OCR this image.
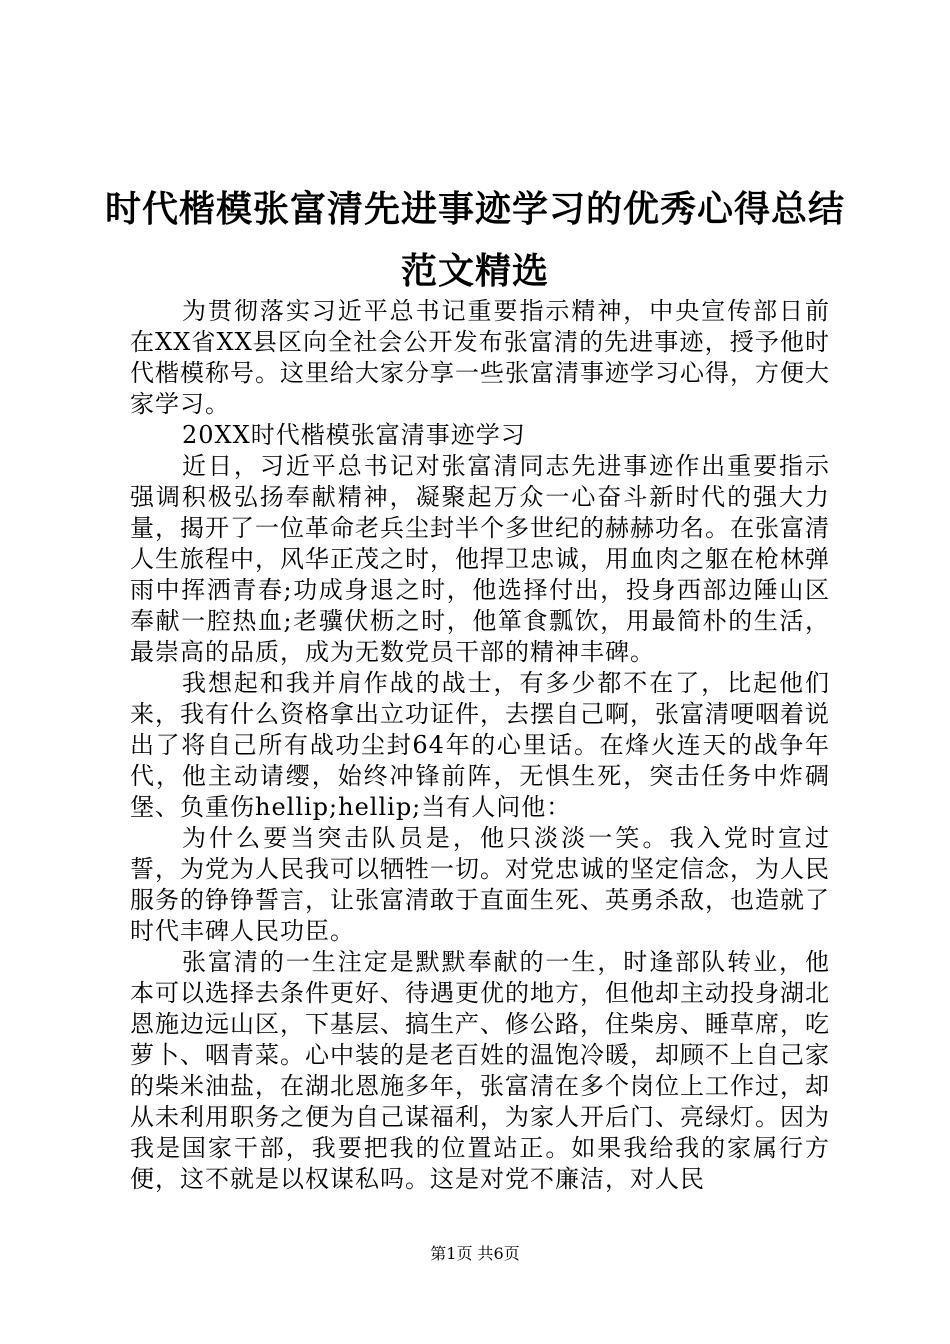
时代楷模张富清先进事迹学习的优秀心得总结
范文精选

为贯彻落实习近平总书记重要指示精神，中央宣传部日前在XX省XX县区向全社会公开发布张富清的先进事迹，授予他时代楷模称号。这里给大家分享一些张富清事迹学习心得，方便大家学习。

20XX时代楷模张富清事迹学习

近日，习近平总书记对张富清同志先进事迹作出重要指示强调积极弘扬奉献精神，凝聚起万众一心奋斗新时代的强大力量，揭开了一位革命老兵尘封半个多世纪的赫赫功名。在张富清人生旅程中，风华正茂之时，他捍卫忠诚，用血肉之躯在枪林弹雨中挥洒青春;功成身退之时，他选择付出，投身西部边陲山区奉献一腔热血;老骥伏枥之时，他箪食瓢饮，用最简朴的生活，最崇高的品质，成为无数党员干部的精神丰碑。

我想起和我并肩作战的战士，有多少都不在了，比起他们来，我有什么资格拿出立功证件，去摆自己啊，张富清哽咽着说出了将自己所有战功尘封64年的心里话。在烽火连天的战争年代，他主动请缨，始终冲锋前阵，无惧生死，突击任务中炸碉堡、负重伤hellip;hellip;当有人问他：

为什么要当突击队员是，他只淡淡一笑。我入党时宣过誓，为党为人民我可以牺牲一切。对党忠诚的坚定信念，为人民服务的铮铮誓言，让张富清敢于直面生死、英勇杀敌，也造就了时代丰碑人民功臣。

张富清的一生注定是默默奉献的一生，时逢部队转业，他本可以选择去条件更好、待遇更优的地方，但他却主动投身湖北恩施边远山区，下基层、搞生产、修公路，住柴房、睡草席，吃萝卜、咽青菜。心中装的是老百姓的温饱冷暖，却顾不上自己家的柴米油盐，在湖北恩施多年，张富清在多个岗位上工作过，却从未利用职务之便为自己谋福利，为家人开后门、亮绿灯。因为我是国家干部，我要把我的位置站正。如果我给我的家属行方便，这不就是以权谋私吗。这是对党不廉洁，对人民

第1页 共6页
